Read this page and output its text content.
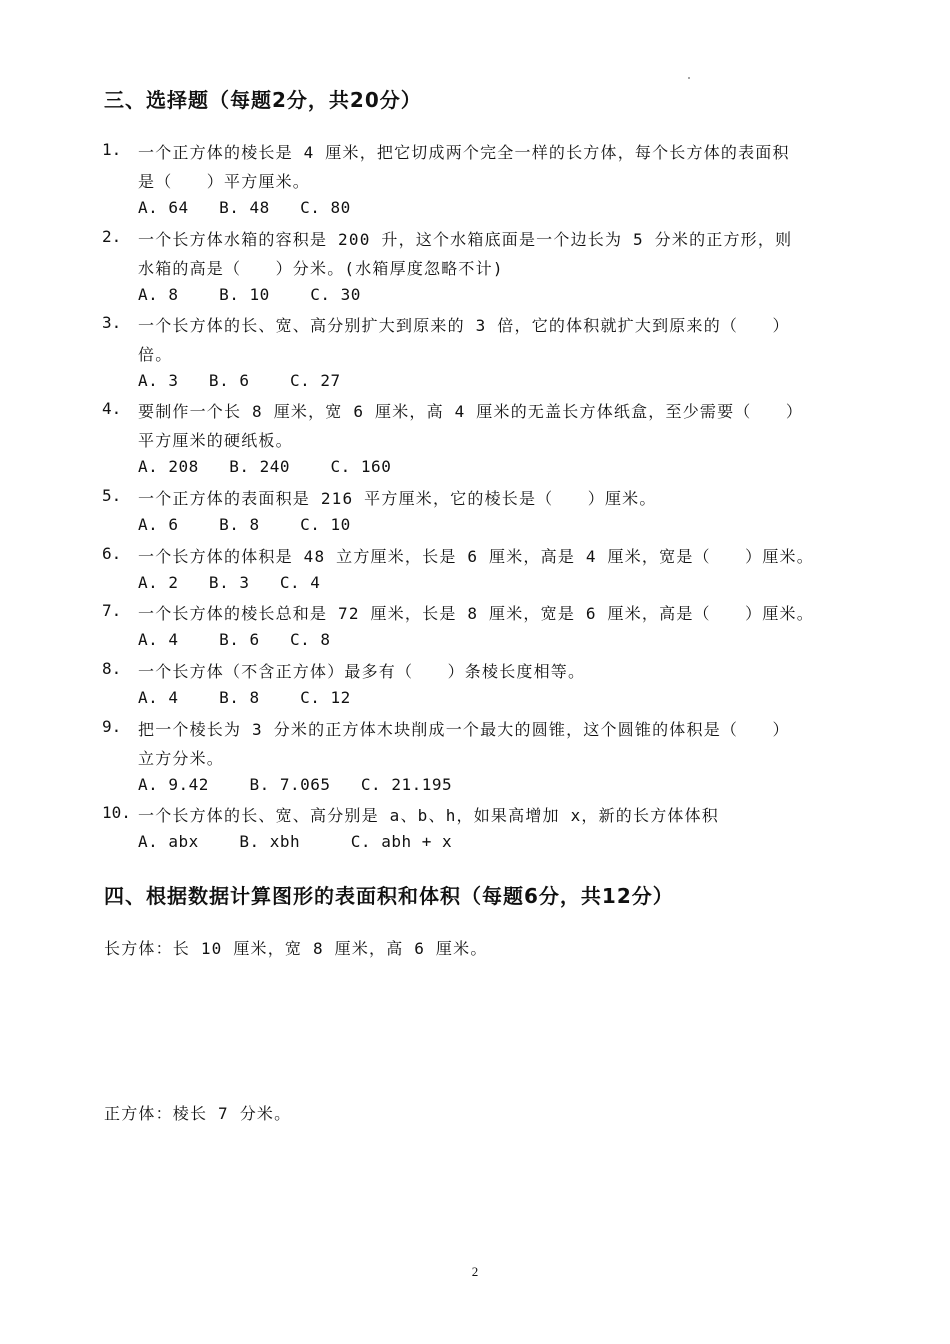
三、选择题（每题2分，共20分）
1. 一个正方体的棱长是 4 厘米，把它切成两个完全一样的长方体，每个长方体的表面积
是（　　）平方厘米。
A. 64   B. 48   C. 80
2. 一个长方体水箱的容积是 200 升，这个水箱底面是一个边长为 5 分米的正方形，则
水箱的高是（　　）分米。(水箱厚度忽略不计)
A. 8    B. 10    C. 30
3. 一个长方体的长、宽、高分别扩大到原来的 3 倍，它的体积就扩大到原来的（　　）
倍。
A. 3   B. 6    C. 27
4. 要制作一个长 8 厘米，宽 6 厘米，高 4 厘米的无盖长方体纸盒，至少需要（　　）
平方厘米的硬纸板。
A. 208   B. 240    C. 160
5. 一个正方体的表面积是 216 平方厘米，它的棱长是（　　）厘米。
A. 6    B. 8    C. 10
6. 一个长方体的体积是 48 立方厘米，长是 6 厘米，高是 4 厘米，宽是（　　）厘米。
A. 2   B. 3   C. 4
7. 一个长方体的棱长总和是 72 厘米，长是 8 厘米，宽是 6 厘米，高是（　　）厘米。
A. 4    B. 6   C. 8
8. 一个长方体（不含正方体）最多有（　　）条棱长度相等。
A. 4    B. 8    C. 12
9. 把一个棱长为 3 分米的正方体木块削成一个最大的圆锥，这个圆锥的体积是（　　）
立方分米。
A. 9.42    B. 7.065   C. 21.195
10. 一个长方体的长、宽、高分别是 a、b、h，如果高增加 x，新的长方体体积
A. abx    B. xbh     C. abh + x
四、根据数据计算图形的表面积和体积（每题6分，共12分）
长方体：长 10 厘米，宽 8 厘米，高 6 厘米。
正方体：棱长 7 分米。
2
